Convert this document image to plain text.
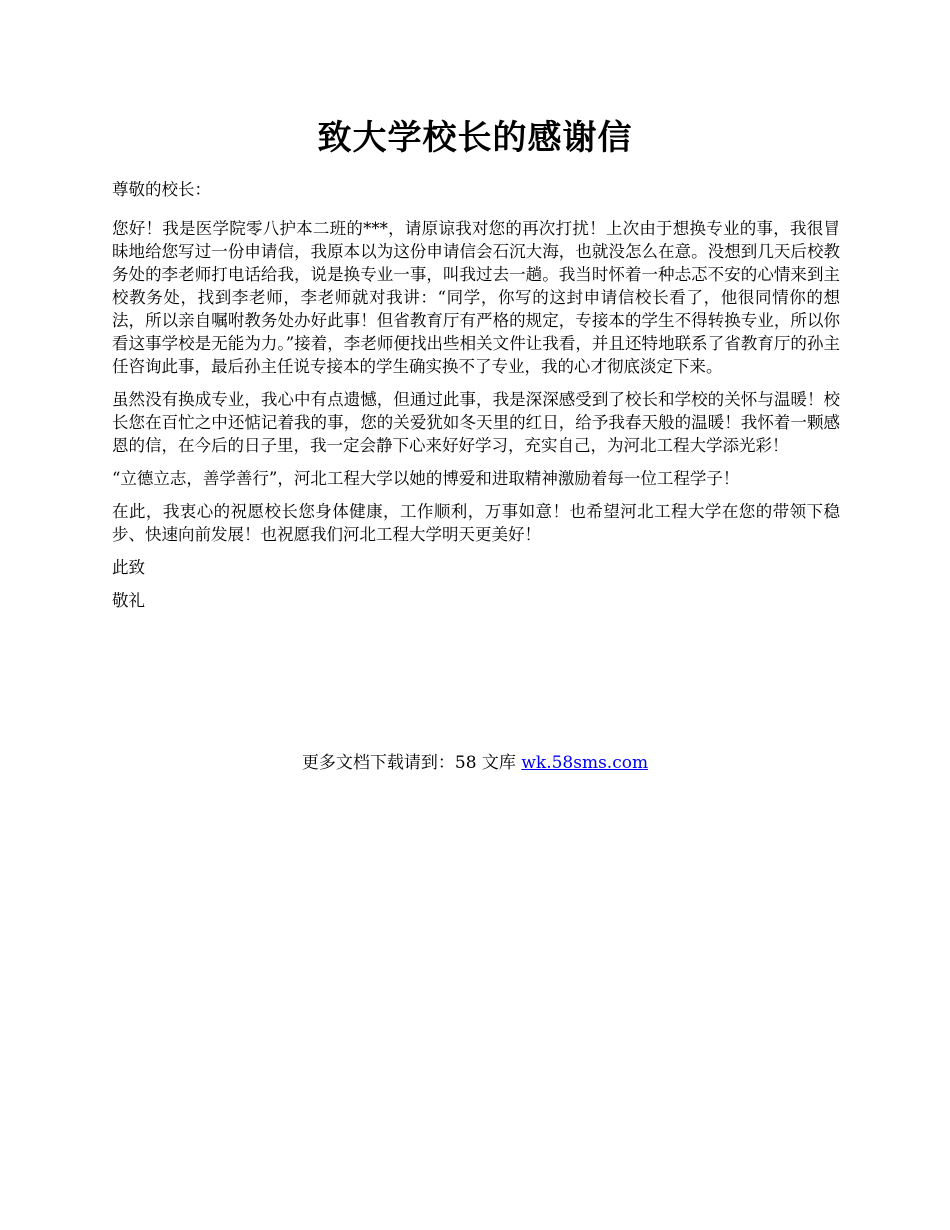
致大学校长的感谢信

尊敬的校长：

您好！我是医学院零八护本二班的***，请原谅我对您的再次打扰！上次由于想换专业的事，我很冒昧地给您写过一份申请信，我原本以为这份申请信会石沉大海，也就没怎么在意。没想到几天后校教务处的李老师打电话给我，说是换专业一事，叫我过去一趟。我当时怀着一种忐忑不安的心情来到主校教务处，找到李老师，李老师就对我讲：“同学，你写的这封申请信校长看了，他很同情你的想法，所以亲自嘱咐教务处办好此事！但省教育厅有严格的规定，专接本的学生不得转换专业，所以你看这事学校是无能为力。”接着，李老师便找出些相关文件让我看，并且还特地联系了省教育厅的孙主任咨询此事，最后孙主任说专接本的学生确实换不了专业，我的心才彻底淡定下来。

虽然没有换成专业，我心中有点遗憾，但通过此事，我是深深感受到了校长和学校的关怀与温暖！校长您在百忙之中还惦记着我的事，您的关爱犹如冬天里的红日，给予我春天般的温暖！我怀着一颗感恩的信，在今后的日子里，我一定会静下心来好好学习，充实自己，为河北工程大学添光彩！

“立德立志，善学善行”，河北工程大学以她的博爱和进取精神激励着每一位工程学子！

在此，我衷心的祝愿校长您身体健康，工作顺利，万事如意！也希望河北工程大学在您的带领下稳步、快速向前发展！也祝愿我们河北工程大学明天更美好！

此致

敬礼

更多文档下载请到：58 文库 wk.58sms.com
